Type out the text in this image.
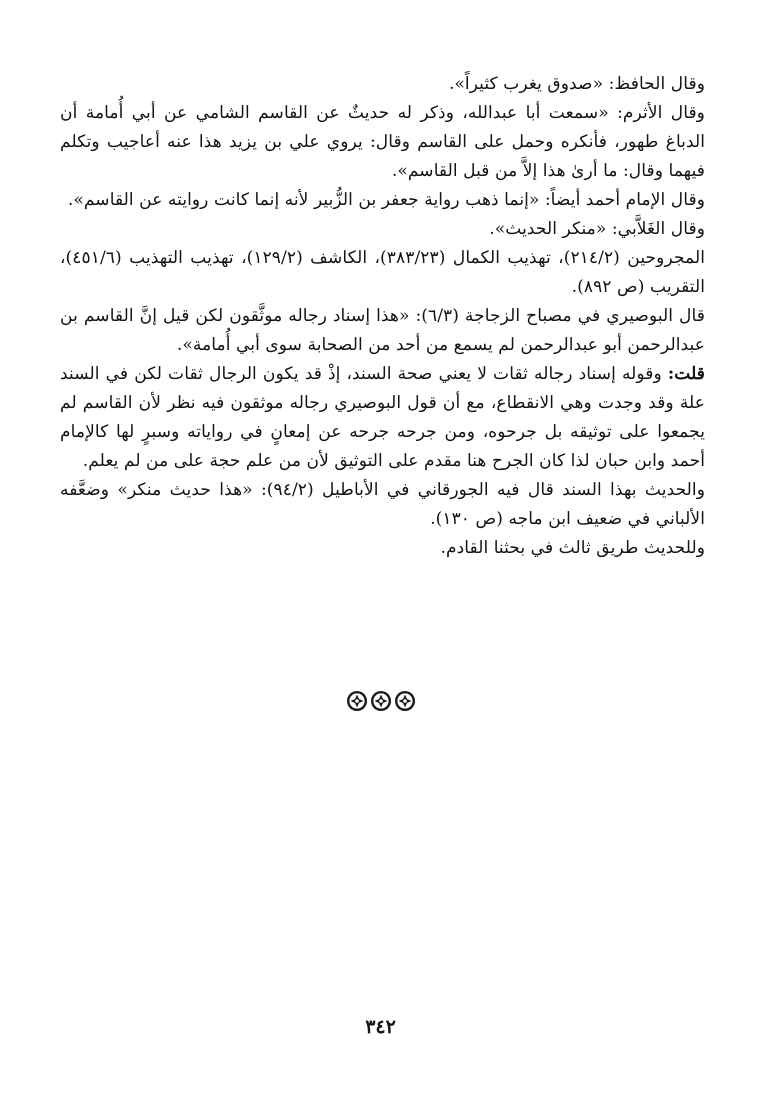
وقال الحافظ: «صدوق يغرب كثيراً».

وقال الأثرم: «سمعت أبا عبدالله، وذكر له حديثٌ عن القاسم الشامي عن أبي أُمامة أن الدباغ طهور، فأنكره وحمل على القاسم وقال: يروي علي بن يزيد هذا عنه أعاجيب وتكلم فيهما وقال: ما أرىٰ هذا إلاَّ من قبل القاسم».

وقال الإمام أحمد أيضاً: «إنما ذهب رواية جعفر بن الزُّبير لأنه إنما كانت روايته عن القاسم».

وقال الغَلاَّبي: «منكر الحديث».

المجروحين (٢١٤/٢)، تهذيب الكمال (٣٨٣/٢٣)، الكاشف (١٢٩/٢)، تهذيب التهذيب (٤٥١/٦)، التقريب (ص ٨٩٢).

قال البوصيري في مصباح الزجاجة (٦/٣): «هذا إسناد رجاله موثَّقون لكن قيل إنَّ القاسم بن عبدالرحمن أبو عبدالرحمن لم يسمع من أحد من الصحابة سوى أبي أُمامة».

قلت: وقوله إسناد رجاله ثقات لا يعني صحة السند، إذْ قد يكون الرجال ثقات لكن في السند علة وقد وجدت وهي الانقطاع، مع أن قول البوصيري رجاله موثقون فيه نظر لأن القاسم لم يجمعوا على توثيقه بل جرحوه، ومن جرحه جرحه عن إمعانٍ في رواياته وسبرٍ لها كالإمام أحمد وابن حبان لذا كان الجرح هنا مقدم على التوثيق لأن من علم حجة على من لم يعلم.

والحديث بهذا السند قال فيه الجورقاني في الأباطيل (٩٤/٢): «هذا حديث منكر» وضعَّفه الألباني في ضعيف ابن ماجه (ص ١٣٠).

وللحديث طريق ثالث في بحثنا القادم.

٣٤٢
